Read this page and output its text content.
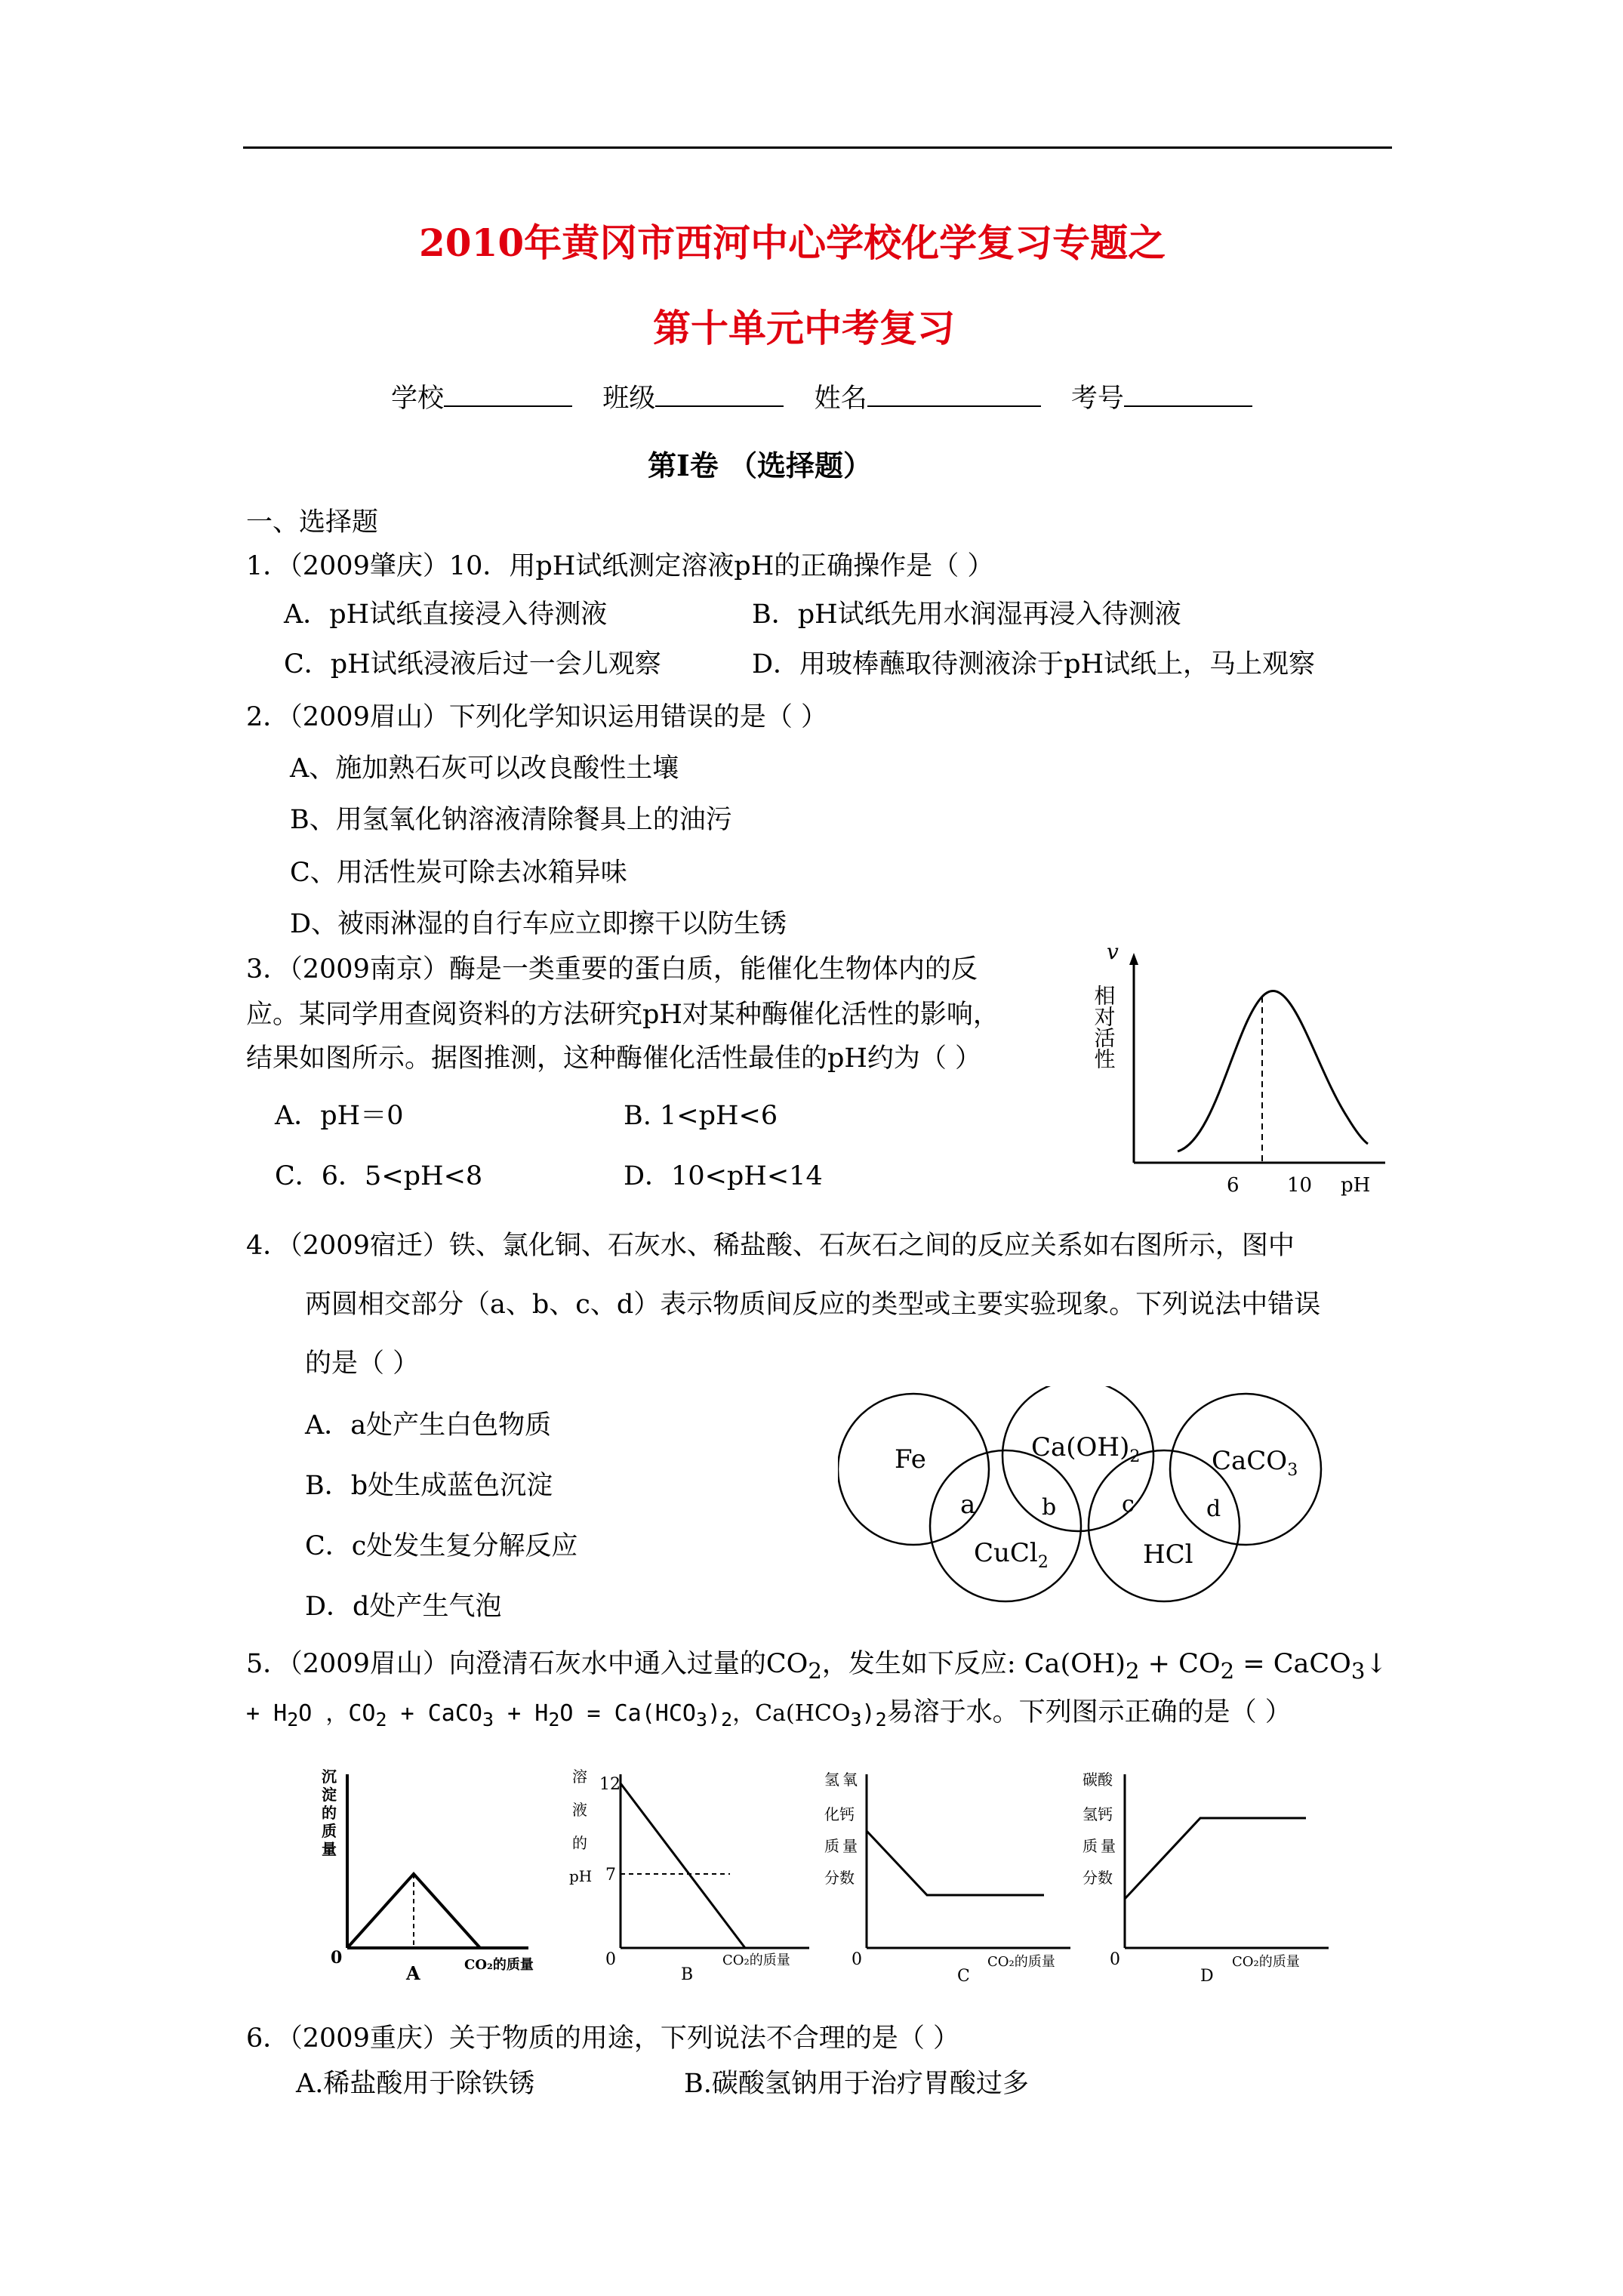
2010年黄冈市西河中心学校化学复习专题之
第十单元中考复习
学校	班级	姓名	考号
第Ⅰ卷 （选择题）
一、选择题
1．（2009肇庆）10．用pH试纸测定溶液pH的正确操作是（ ）
A．pH试纸直接浸入待测液	B．pH试纸先用水润湿再浸入待测液
C．pH试纸浸液后过一会儿观察	D．用玻棒蘸取待测液涂于pH试纸上，马上观察
2．（2009眉山）下列化学知识运用错误的是（ ）
A、施加熟石灰可以改良酸性土壤
B、用氢氧化钠溶液清除餐具上的油污
C、用活性炭可除去冰箱异味
D、被雨淋湿的自行车应立即擦干以防生锈
3．（2009南京）酶是一类重要的蛋白质，能催化生物体内的反
应。某同学用查阅资料的方法研究pH对某种酶催化活性的影响，
结果如图所示。据图推测，这种酶催化活性最佳的pH约为（ ）
A．pH＝0	B. 1<pH<6
C．6．5<pH<8	D．10<pH<14
v
相对活性
6 10 pH
4．（2009宿迁）铁、氯化铜、石灰水、稀盐酸、石灰石之间的反应关系如右图所示，图中
两圆相交部分（a、b、c、d）表示物质间反应的类型或主要实验现象。下列说法中错误
的是（ ）
A．a处产生白色物质
B．b处生成蓝色沉淀
C．c处发生复分解反应
D．d处产生气泡
Fe	$Ca(OH)_2$	CaCO$_3$
CuCl$_2$	HCl
a	b	c	d
5．（2009眉山）向澄清石灰水中通入过量的$CO_2$，发生如下反应: $Ca(OH)_2 + CO_2$ = CaCO$_3$↓
+ $H_2O$ ，$CO_2$ + CaCO$_3$ + $H_2O = Ca(HCO_3)_2$，$Ca(HCO_3)_2$易溶于水。下列图示正确的是（ ）
沉
淀
的
质
量
0	CO₂的质量
A
溶
液
的
pH
12
7
0	CO₂的质量
B
氢 氧
化钙
质 量
分数
0	CO₂的质量
C
碳酸
氢钙
质 量
分数
0	CO₂的质量
D
6．（2009重庆）关于物质的用途，下列说法不合理的是（ ）
A.稀盐酸用于除铁锈	B.碳酸氢钠用于治疗胃酸过多
